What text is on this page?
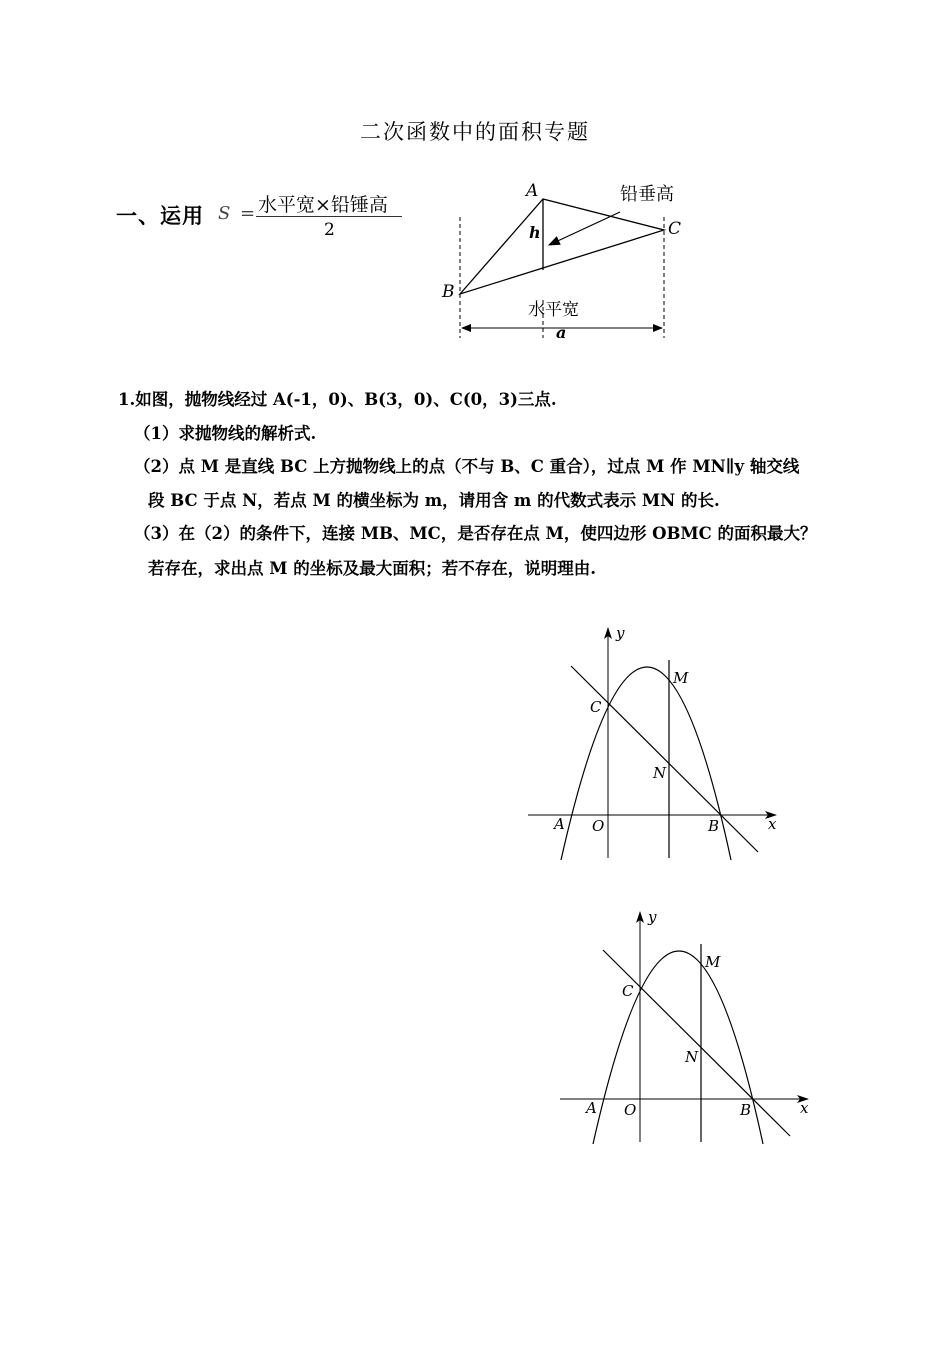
二次函数中的面积专题
一、运用 S = 水平宽×铅锤高
2
A
B
C
h
a
铅垂高
水平宽
1.如图，抛物线经过 A(-1，0)、B(3，0)、C(0，3)三点.
（1）求抛物线的解析式.
（2）点 M 是直线 BC 上方抛物线上的点（不与 B、C 重合），过点 M 作 MN∥y 轴交线
段 BC 于点 N，若点 M 的横坐标为 m，请用含 m 的代数式表示 MN 的长.
（3）在（2）的条件下，连接 MB、MC，是否存在点 M，使四边形 OBMC 的面积最大？
若存在，求出点 M 的坐标及最大面积；若不存在，说明理由.
y
x
O
A	B
C
M
N
y
x
O
A	B
C
M
N
